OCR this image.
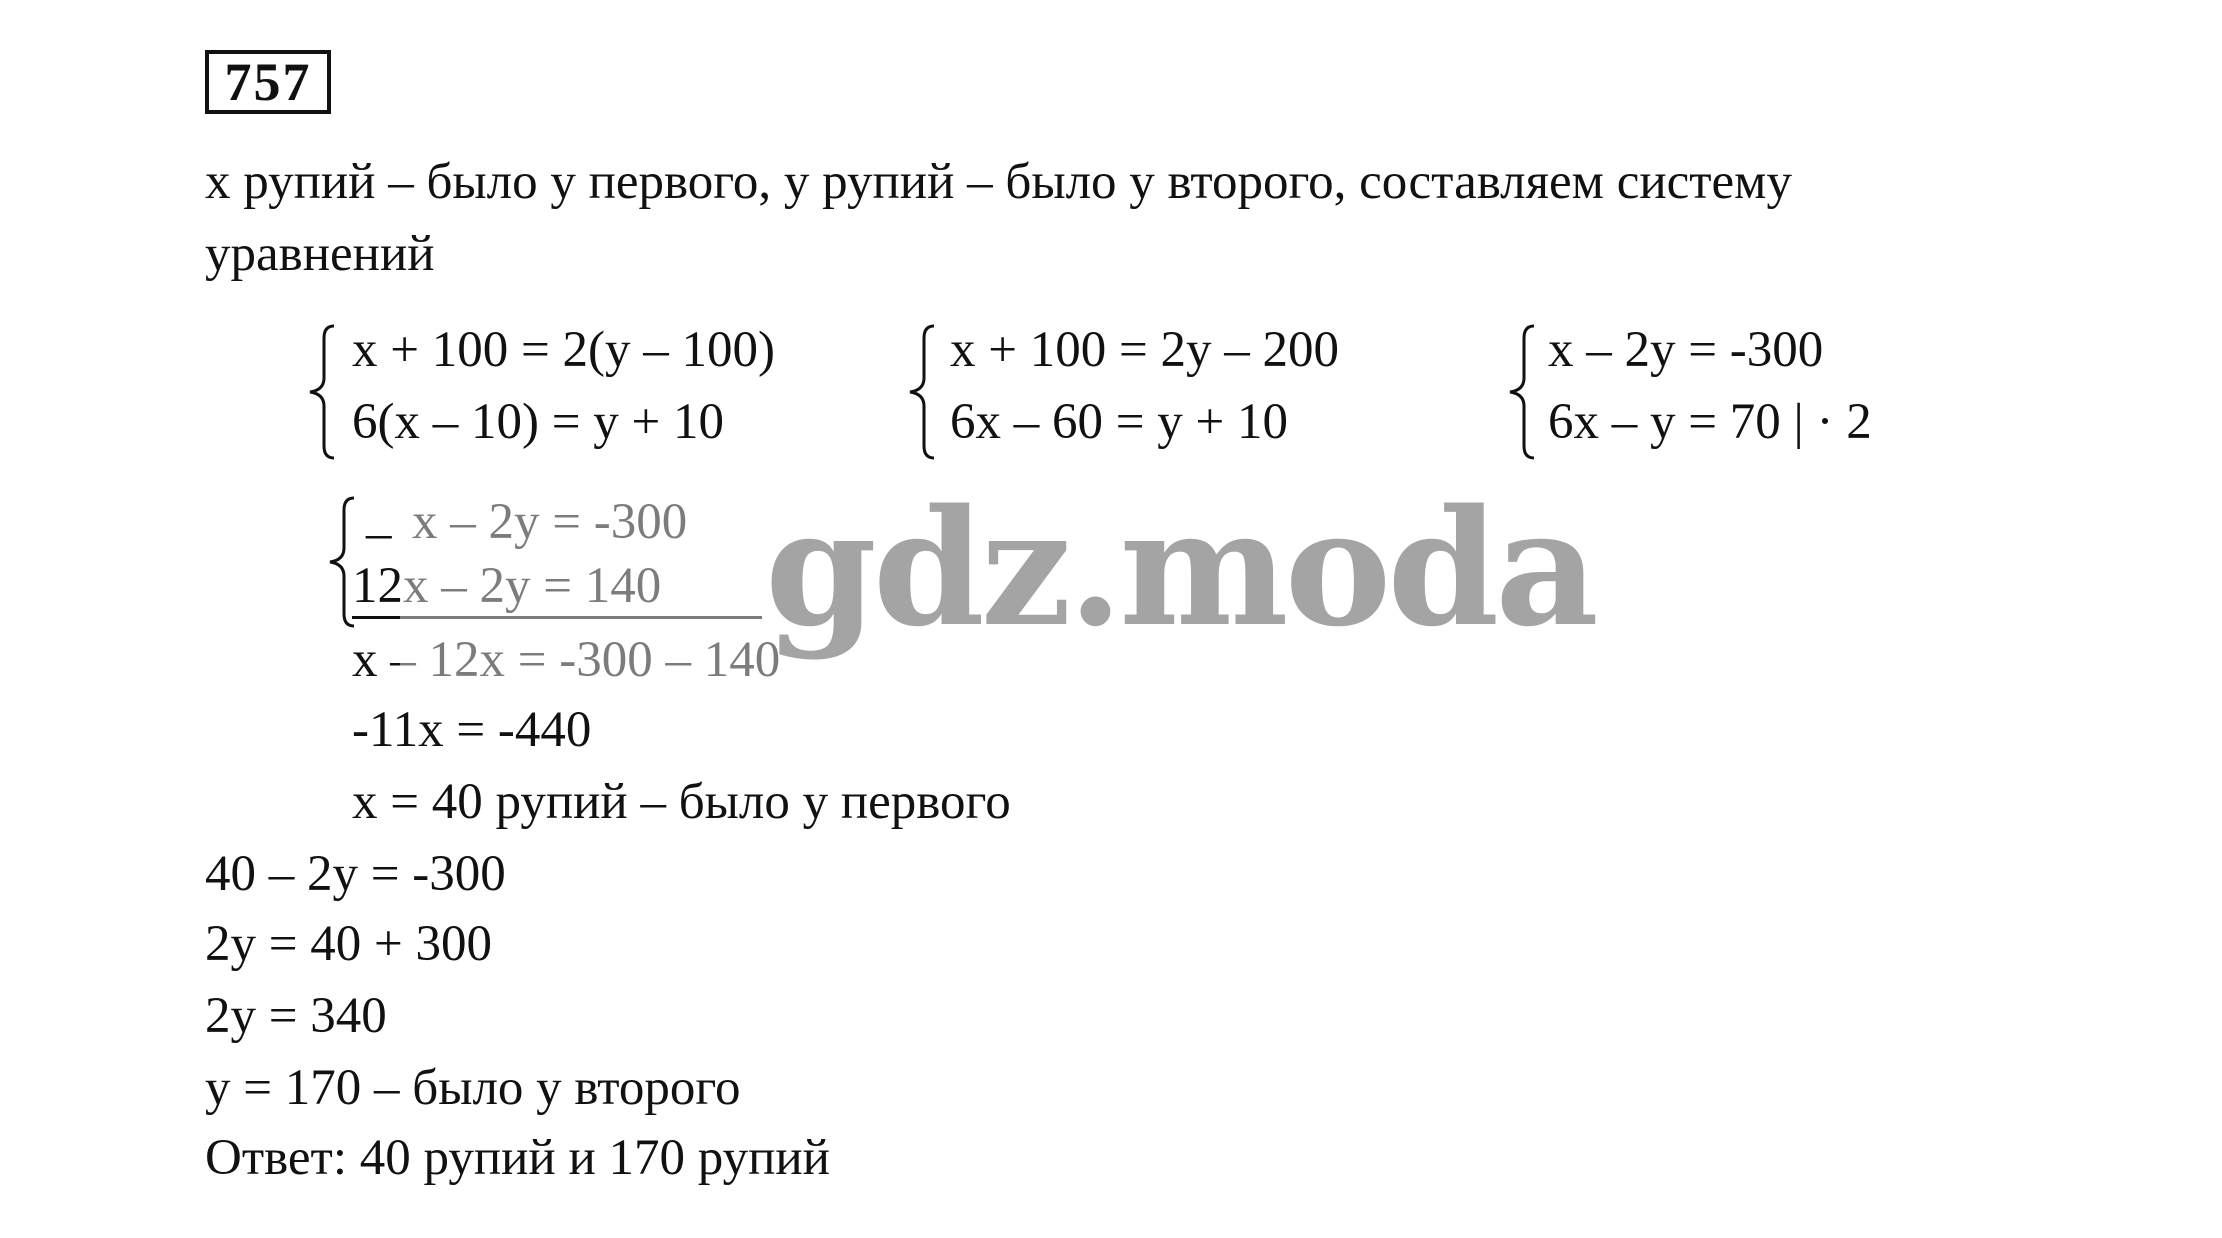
757
x рупий – было у первого, y рупий – было у второго, составляем систему
уравнений
x + 100 = 2(y – 100)
6(x – 10) = y + 10
x + 100 = 2y – 200
6x – 60 = y + 10
x – 2y = -300
6x – y = 70 | · 2
_ x – 2y = -300
12x – 2y = 140
x – 12x = -300 – 140
-11x = -440
x = 40 рупий – было у первого
40 – 2y = -300
2y = 40 + 300
2y = 340
y = 170 – было у второго
Ответ: 40 рупий и 170 рупий
gdz.moda
